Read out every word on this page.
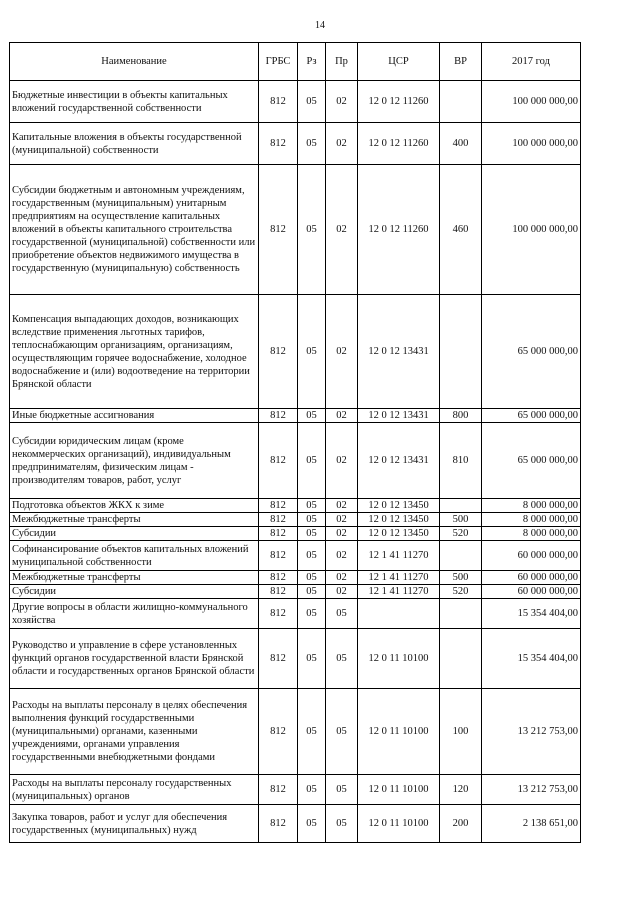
14
Наименование	ГРБС	Рз	Пр	ЦСР	ВР	2017 год
Бюджетные инвестиции в объекты капитальных вложений государственной собственности	812	05	02	12 0 12 11260		100 000 000,00
Капитальные вложения в объекты государственной (муниципальной) собственности	812	05	02	12 0 12 11260	400	100 000 000,00
Субсидии бюджетным и автономным учреждениям, государственным (муниципальным) унитарным предприятиям на осуществление капитальных вложений в объекты капитального строительства государственной (муниципальной) собственности или приобретение объектов недвижимого имущества в государственную (муниципальную) собственность	812	05	02	12 0 12 11260	460	100 000 000,00
Компенсация выпадающих доходов, возникающих вследствие применения льготных тарифов, теплоснабжающим организациям, организациям, осуществляющим горячее водоснабжение, холодное водоснабжение и (или) водоотведение на территории Брянской области	812	05	02	12 0 12 13431		65 000 000,00
Иные бюджетные ассигнования	812	05	02	12 0 12 13431	800	65 000 000,00
Субсидии юридическим лицам (кроме некоммерческих организаций), индивидуальным предпринимателям, физическим лицам - производителям товаров, работ, услуг	812	05	02	12 0 12 13431	810	65 000 000,00
Подготовка объектов ЖКХ к зиме	812	05	02	12 0 12 13450		8 000 000,00
Межбюджетные трансферты	812	05	02	12 0 12 13450	500	8 000 000,00
Субсидии	812	05	02	12 0 12 13450	520	8 000 000,00
Софинансирование объектов капитальных вложений муниципальной собственности	812	05	02	12 1 41 11270		60 000 000,00
Межбюджетные трансферты	812	05	02	12 1 41 11270	500	60 000 000,00
Субсидии	812	05	02	12 1 41 11270	520	60 000 000,00
Другие вопросы в области жилищно-коммунального хозяйства	812	05	05			15 354 404,00
Руководство и управление в сфере установленных функций органов государственной власти Брянской области и государственных органов Брянской области	812	05	05	12 0 11 10100		15 354 404,00
Расходы на выплаты персоналу в целях обеспечения выполнения функций государственными (муниципальными) органами, казенными учреждениями, органами управления государственными внебюджетными фондами	812	05	05	12 0 11 10100	100	13 212 753,00
Расходы на выплаты персоналу государственных (муниципальных) органов	812	05	05	12 0 11 10100	120	13 212 753,00
Закупка товаров, работ и услуг для обеспечения государственных (муниципальных) нужд	812	05	05	12 0 11 10100	200	2 138 651,00
